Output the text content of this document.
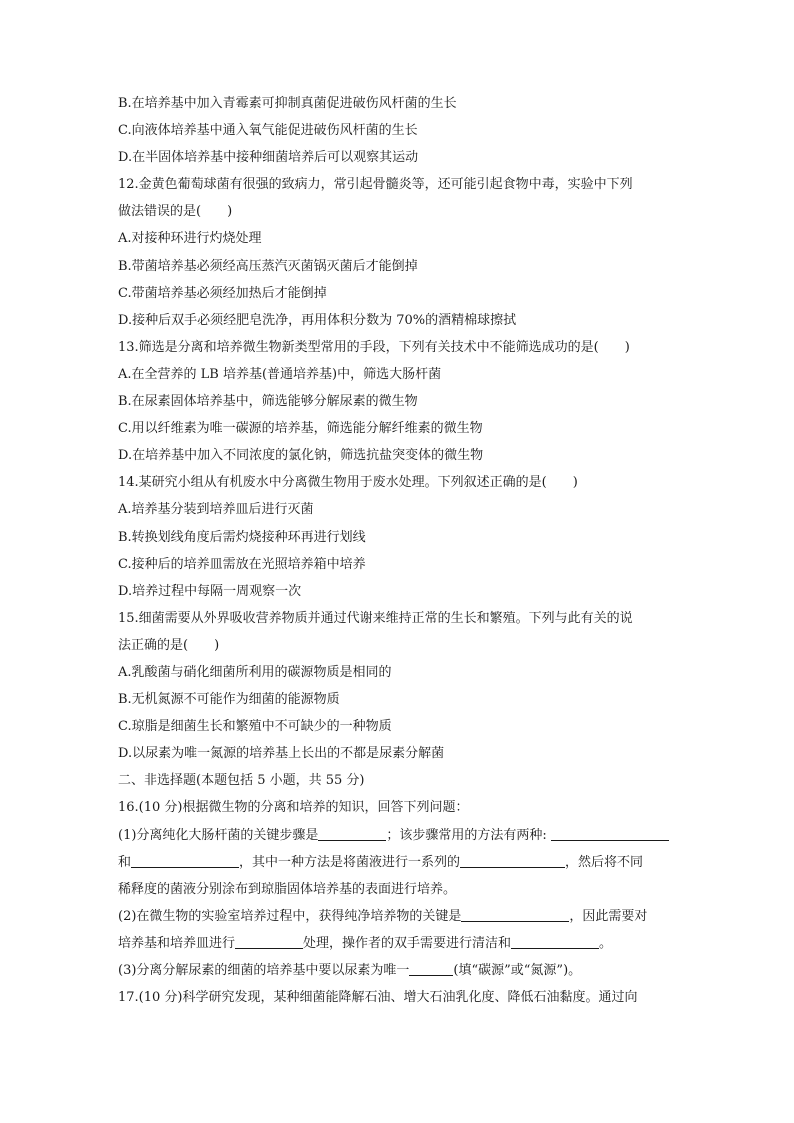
B.在培养基中加入青霉素可抑制真菌促进破伤风杆菌的生长
C.向液体培养基中通入氧气能促进破伤风杆菌的生长
D.在半固体培养基中接种细菌培养后可以观察其运动
12.金黄色葡萄球菌有很强的致病力，常引起骨髓炎等，还可能引起食物中毒，实验中下列
做法错误的是(　　)
A.对接种环进行灼烧处理
B.带菌培养基必须经高压蒸汽灭菌锅灭菌后才能倒掉
C.带菌培养基必须经加热后才能倒掉
D.接种后双手必须经肥皂洗净，再用体积分数为 70%的酒精棉球擦拭
13.筛选是分离和培养微生物新类型常用的手段，下列有关技术中不能筛选成功的是(　　)
A.在全营养的 LB 培养基(普通培养基)中，筛选大肠杆菌
B.在尿素固体培养基中，筛选能够分解尿素的微生物
C.用以纤维素为唯一碳源的培养基，筛选能分解纤维素的微生物
D.在培养基中加入不同浓度的氯化钠，筛选抗盐突变体的微生物
14.某研究小组从有机废水中分离微生物用于废水处理。下列叙述正确的是(　　)
A.培养基分装到培养皿后进行灭菌
B.转换划线角度后需灼烧接种环再进行划线
C.接种后的培养皿需放在光照培养箱中培养
D.培养过程中每隔一周观察一次
15.细菌需要从外界吸收营养物质并通过代谢来维持正常的生长和繁殖。下列与此有关的说
法正确的是(　　)
A.乳酸菌与硝化细菌所利用的碳源物质是相同的
B.无机氮源不可能作为细菌的能源物质
C.琼脂是细菌生长和繁殖中不可缺少的一种物质
D.以尿素为唯一氮源的培养基上长出的不都是尿素分解菌
二、非选择题(本题包括 5 小题，共 55 分)
16.(10 分)根据微生物的分离和培养的知识，回答下列问题：
(1)分离纯化大肠杆菌的关键步骤是	；该步骤常用的方法有两种:
和	，其中一种方法是将菌液进行一系列的	，然后将不同
稀释度的菌液分别涂布到琼脂固体培养基的表面进行培养。
(2)在微生物的实验室培养过程中，获得纯净培养物的关键是	，因此需要对
培养基和培养皿进行	处理，操作者的双手需要进行清洁和	。
(3)分离分解尿素的细菌的培养基中要以尿素为唯一	(填“碳源”或“氮源”)。
17.(10 分)科学研究发现，某种细菌能降解石油、增大石油乳化度、降低石油黏度。通过向
